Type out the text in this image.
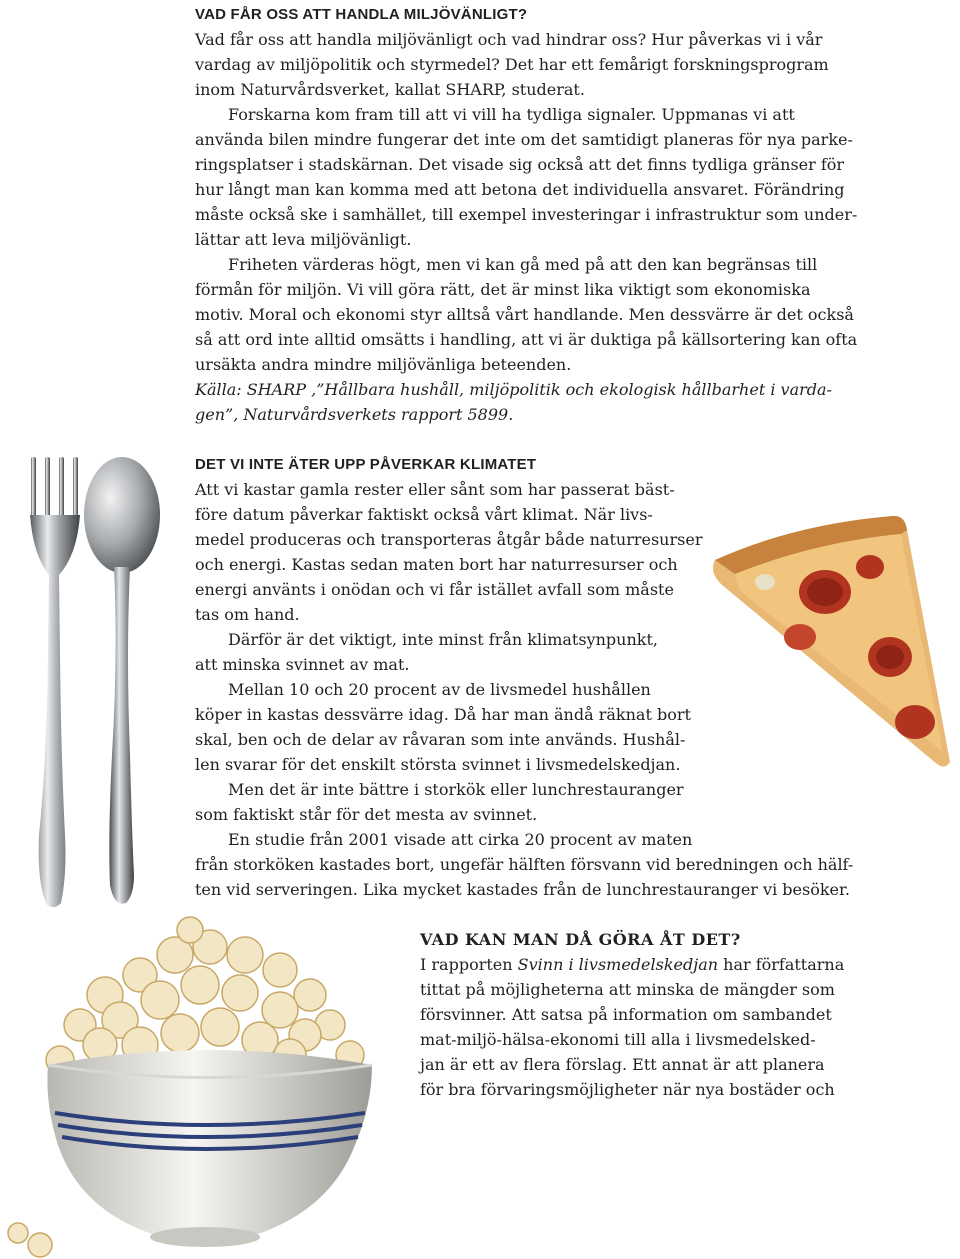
VAD FÅR OSS ATT HANDLA MILJÖVÄNLIGT?

Vad får oss att handla miljövänligt och vad hindrar oss? Hur påverkas vi i vår

vardag av miljöpolitik och styrmedel? Det har ett femårigt forskningsprogram

inom Naturvårdsverket, kallat SHARP, studerat.

Forskarna kom fram till att vi vill ha tydliga signaler. Uppmanas vi att

använda bilen mindre fungerar det inte om det samtidigt planeras för nya parke-

ringsplatser i stadskärnan. Det visade sig också att det finns tydliga gränser för

hur långt man kan komma med att betona det individuella ansvaret. Förändring

måste också ske i samhället, till exempel investeringar i infrastruktur som under-

lättar att leva miljövänligt.

Friheten värderas högt, men vi kan gå med på att den kan begränsas till

förmån för miljön. Vi vill göra rätt, det är minst lika viktigt som ekonomiska

motiv. Moral och ekonomi styr alltså vårt handlande. Men dessvärre är det också

så att ord inte alltid omsätts i handling, att vi är duktiga på källsortering kan ofta

ursäkta andra mindre miljövänliga beteenden.

Källa: SHARP ,”Hållbara hushåll, miljöpolitik och ekologisk hållbarhet i varda-

gen”, Naturvårdsverkets rapport 5899.

DET VI INTE ÄTER UPP PÅVERKAR KLIMATET

Att vi kastar gamla rester eller sånt som har passerat bäst-

före datum påverkar faktiskt också vårt klimat. När livs-

medel produceras och transporteras åtgår både naturresurser

och energi. Kastas sedan maten bort har naturresurser och

energi använts i onödan och vi får istället avfall som måste

tas om hand.

Därför är det viktigt, inte minst från klimatsynpunkt,

att minska svinnet av mat.

Mellan 10 och 20 procent av de livsmedel hushållen

köper in kastas dessvärre idag. Då har man ändå räknat bort

skal, ben och de delar av råvaran som inte används. Hushål-

len svarar för det enskilt största svinnet i livsmedelskedjan.

Men det är inte bättre i storkök eller lunchrestauranger

som faktiskt står för det mesta av svinnet.

En studie från 2001 visade att cirka 20 procent av maten

från storköken kastades bort, ungefär hälften försvann vid beredningen och hälf-

ten vid serveringen. Lika mycket kastades från de lunchrestauranger vi besöker.

VAD KAN MAN DÅ GÖRA ÅT DET?

I rapporten Svinn i livsmedelskedjan har författarna

tittat på möjligheterna att minska de mängder som

försvinner. Att satsa på information om sambandet

mat-miljö-hälsa-ekonomi till alla i livsmedelsked-

jan är ett av flera förslag. Ett annat är att planera

för bra förvaringsmöjligheter när nya bostäder och
